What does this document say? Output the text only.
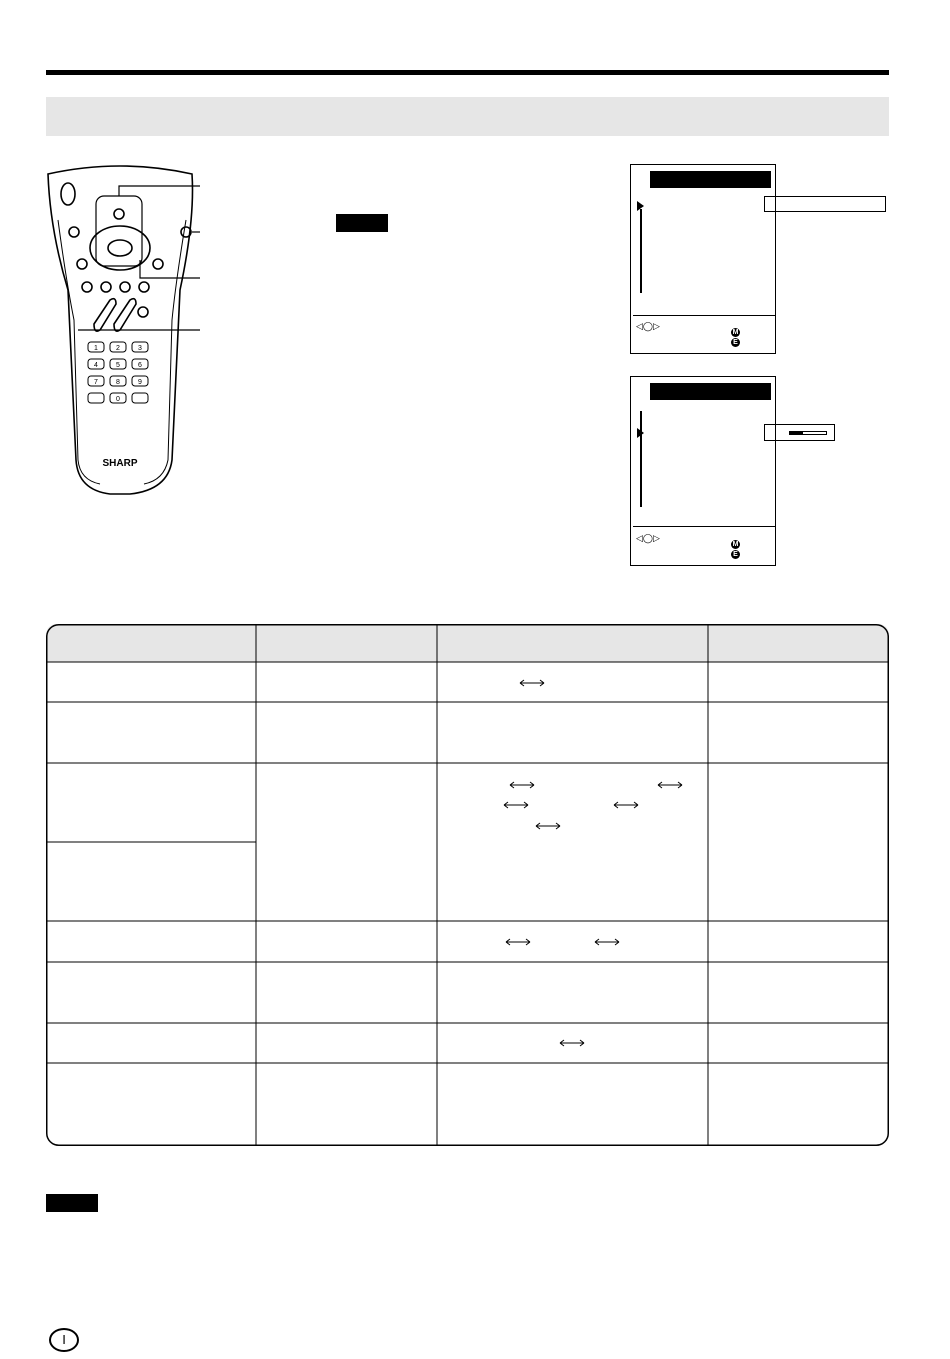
1	2	3
4	5	6
7	8	9
0
SHARP
◁◯▷
M
E
◁◯▷
M
E
I
